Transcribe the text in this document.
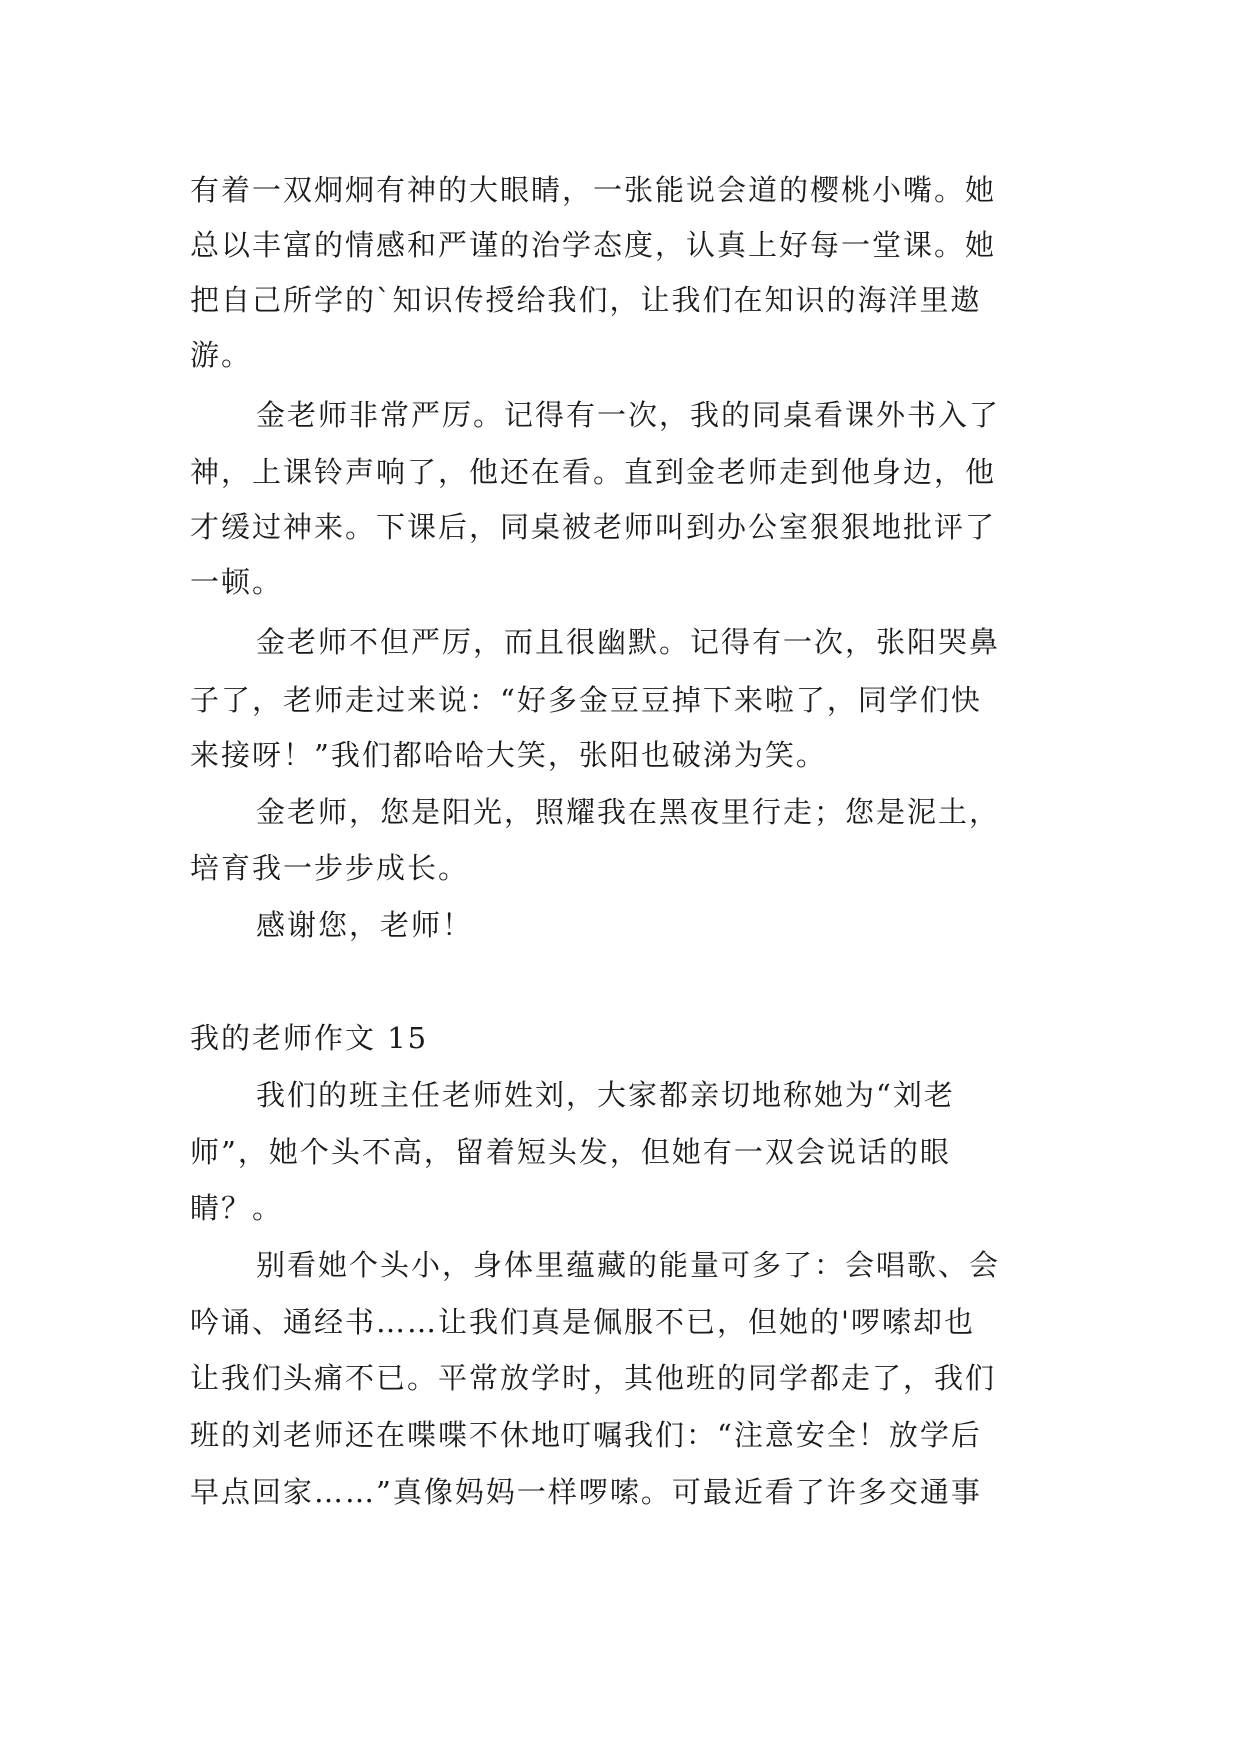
有着一双炯炯有神的大眼睛，一张能说会道的樱桃小嘴。她
总以丰富的情感和严谨的治学态度，认真上好每一堂课。她
把自己所学的`知识传授给我们，让我们在知识的海洋里遨
游。
金老师非常严厉。记得有一次，我的同桌看课外书入了
神，上课铃声响了，他还在看。直到金老师走到他身边，他
才缓过神来。下课后，同桌被老师叫到办公室狠狠地批评了
一顿。
金老师不但严厉，而且很幽默。记得有一次，张阳哭鼻
子了，老师走过来说：“好多金豆豆掉下来啦了，同学们快
来接呀！”我们都哈哈大笑，张阳也破涕为笑。
金老师，您是阳光，照耀我在黑夜里行走；您是泥土，
培育我一步步成长。
感谢您，老师！
我的老师作文 15
我们的班主任老师姓刘，大家都亲切地称她为“刘老
师”，她个头不高，留着短头发，但她有一双会说话的眼
睛？。
别看她个头小，身体里蕴藏的能量可多了：会唱歌、会
吟诵、通经书……让我们真是佩服不已，但她的'啰嗦却也
让我们头痛不已。平常放学时，其他班的同学都走了，我们
班的刘老师还在喋喋不休地叮嘱我们：“注意安全！放学后
早点回家……”真像妈妈一样啰嗦。可最近看了许多交通事
